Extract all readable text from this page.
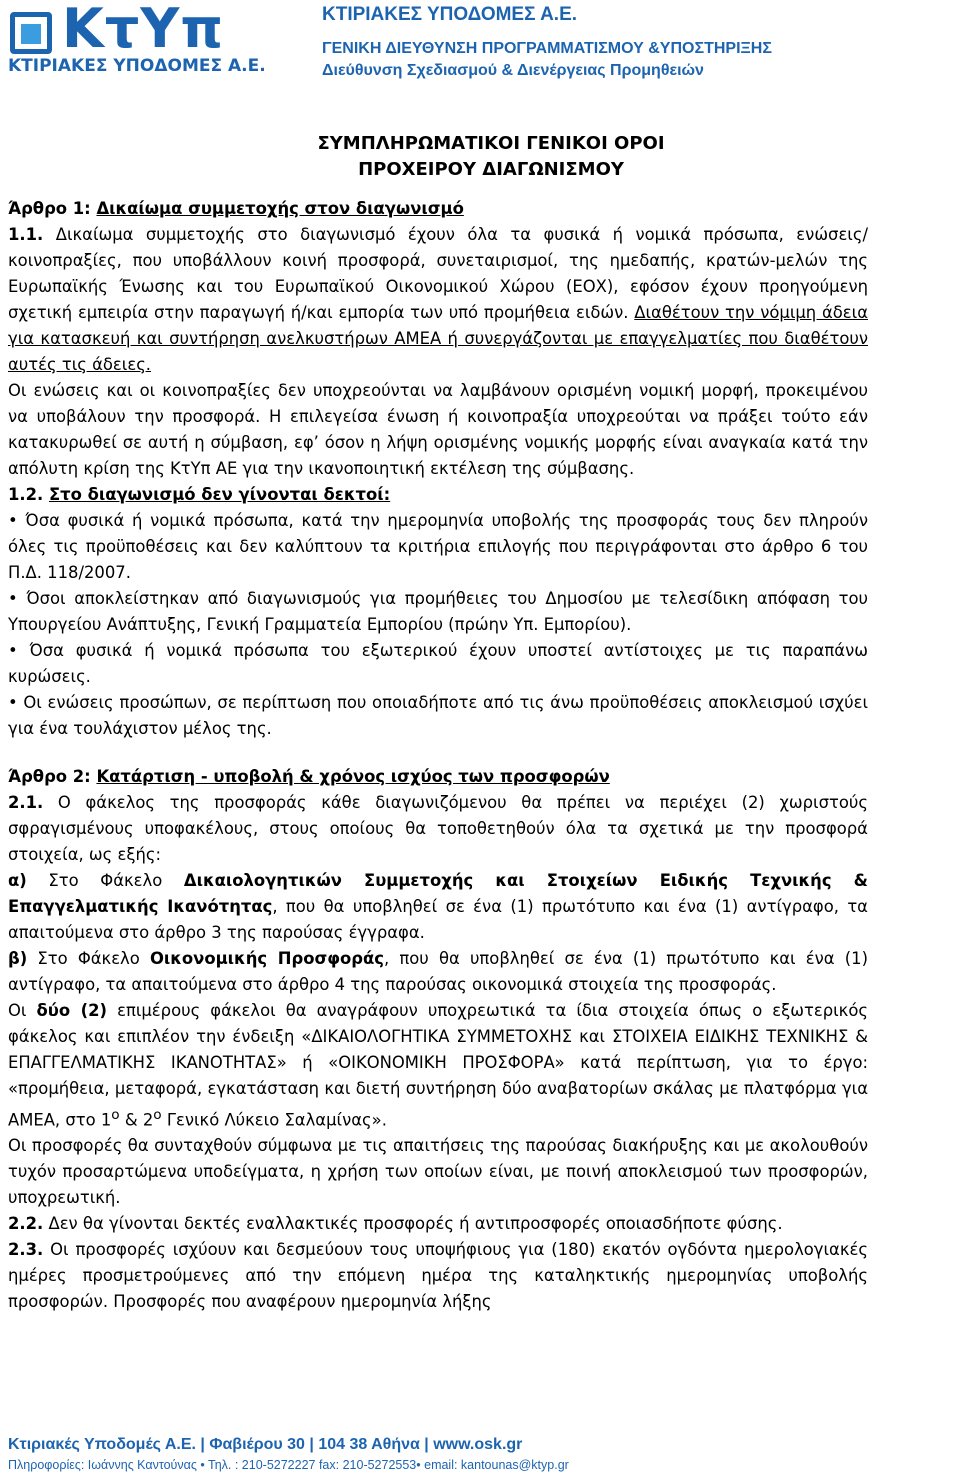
ΚτΥπ
ΚΤΙΡΙΑΚΕΣ ΥΠΟΔΟΜΕΣ Α.Ε.
ΚΤΙΡΙΑΚΕΣ ΥΠΟΔΟΜΕΣ Α.Ε.
ΓΕΝΙΚΗ ΔΙΕΥΘΥΝΣΗ ΠΡΟΓΡΑΜΜΑΤΙΣΜΟΥ &ΥΠΟΣΤΗΡΙΞΗΣ
Διεύθυνση Σχεδιασμού & Διενέργειας Προμηθειών
ΣΥΜΠΛΗΡΩΜΑΤΙΚΟΙ ΓΕΝΙΚΟΙ ΟΡΟΙ
ΠΡΟΧΕΙΡΟΥ ΔΙΑΓΩΝΙΣΜΟΥ

Άρθρο 1: Δικαίωμα συμμετοχής στον διαγωνισμό

1.1. Δικαίωμα συμμετοχής στο διαγωνισμό έχουν όλα τα φυσικά ή νομικά πρόσωπα, ενώσεις/κοινοπραξίες, που υποβάλλουν κοινή προσφορά, συνεταιρισμοί, της ημεδαπής, κρατών-μελών της Ευρωπαϊκής Ένωσης και του Ευρωπαϊκού Οικονομικού Χώρου (ΕΟΧ), εφόσον έχουν προηγούμενη σχετική εμπειρία στην παραγωγή ή/και εμπορία των υπό προμήθεια ειδών. Διαθέτουν την νόμιμη άδεια για κατασκευή και συντήρηση ανελκυστήρων ΑΜΕΑ ή συνεργάζονται με επαγγελματίες που διαθέτουν αυτές τις άδειες.

Οι ενώσεις και οι κοινοπραξίες δεν υποχρεούνται να λαμβάνουν ορισμένη νομική μορφή, προκειμένου να υποβάλουν την προσφορά. Η επιλεγείσα ένωση ή κοινοπραξία υποχρεούται να πράξει τούτο εάν κατακυρωθεί σε αυτή η σύμβαση, εφ’ όσον η λήψη ορισμένης νομικής μορφής είναι αναγκαία κατά την απόλυτη κρίση της ΚτΥπ ΑΕ για την ικανοποιητική εκτέλεση της σύμβασης.

1.2. Στο διαγωνισμό δεν γίνονται δεκτοί:

• Όσα φυσικά ή νομικά πρόσωπα, κατά την ημερομηνία υποβολής της προσφοράς τους δεν πληρούν όλες τις προϋποθέσεις και δεν καλύπτουν τα κριτήρια επιλογής που περιγράφονται στο άρθρο 6 του Π.Δ. 118/2007.

• Όσοι αποκλείστηκαν από διαγωνισμούς για προμήθειες του Δημοσίου με τελεσίδικη απόφαση του Υπουργείου Ανάπτυξης, Γενική Γραμματεία Εμπορίου (πρώην Υπ. Εμπορίου).

• Όσα φυσικά ή νομικά πρόσωπα του εξωτερικού έχουν υποστεί αντίστοιχες με τις παραπάνω κυρώσεις.

• Οι ενώσεις προσώπων, σε περίπτωση που οποιαδήποτε από τις άνω προϋποθέσεις αποκλεισμού ισχύει για ένα τουλάχιστον μέλος της.

Άρθρο 2: Κατάρτιση - υποβολή & χρόνος ισχύος των προσφορών

2.1. Ο φάκελος της προσφοράς κάθε διαγωνιζόμενου θα πρέπει να περιέχει (2) χωριστούς σφραγισμένους υποφακέλους, στους οποίους θα τοποθετηθούν όλα τα σχετικά με την προσφορά στοιχεία, ως εξής:

α) Στο Φάκελο Δικαιολογητικών Συμμετοχής και Στοιχείων Ειδικής Τεχνικής & Επαγγελματικής Ικανότητας, που θα υποβληθεί σε ένα (1) πρωτότυπο και ένα (1) αντίγραφο, τα απαιτούμενα στο άρθρο 3 της παρούσας έγγραφα.

β) Στο Φάκελο Οικονομικής Προσφοράς, που θα υποβληθεί σε ένα (1) πρωτότυπο και ένα (1) αντίγραφο, τα απαιτούμενα στο άρθρο 4 της παρούσας οικονομικά στοιχεία της προσφοράς.

Οι δύο (2) επιμέρους φάκελοι θα αναγράφουν υποχρεωτικά τα ίδια στοιχεία όπως ο εξωτερικός φάκελος και επιπλέον την ένδειξη «ΔΙΚΑΙΟΛΟΓΗΤΙΚΑ ΣΥΜΜΕΤΟΧΗΣ και ΣΤΟΙΧΕΙΑ ΕΙΔΙΚΗΣ ΤΕΧΝΙΚΗΣ & ΕΠΑΓΓΕΛΜΑΤΙΚΗΣ ΙΚΑΝΟΤΗΤΑΣ» ή «ΟΙΚΟΝΟΜΙΚΗ ΠΡΟΣΦΟΡΑ» κατά περίπτωση, για το έργο: «προμήθεια, μεταφορά, εγκατάσταση και διετή συντήρηση δύο αναβατορίων σκάλας με πλατφόρμα για ΑΜΕΑ, στο $1^o$ & $2^o$ Γενικό Λύκειο Σαλαμίνας».

Οι προσφορές θα συνταχθούν σύμφωνα με τις απαιτήσεις της παρούσας διακήρυξης και με ακολουθούν τυχόν προσαρτώμενα υποδείγματα, η χρήση των οποίων είναι, με ποινή αποκλεισμού των προσφορών, υποχρεωτική.

2.2. Δεν θα γίνονται δεκτές εναλλακτικές προσφορές ή αντιπροσφορές οποιασδήποτε φύσης.

2.3. Οι προσφορές ισχύουν και δεσμεύουν τους υποψήφιους για (180) εκατόν ογδόντα ημερολογιακές ημέρες προσμετρούμενες από την επόμενη ημέρα της καταληκτικής ημερομηνίας υποβολής προσφορών. Προσφορές που αναφέρουν ημερομηνία λήξης

Κτιριακές Υποδομές Α.Ε. | Φαβιέρου 30 | 104 38 Αθήνα | www.osk.gr
Πληροφορίες: Ιωάννης Καντούνας • Τηλ. : 210-5272227 fax: 210-5272553• email: kantounas@ktyp.gr
